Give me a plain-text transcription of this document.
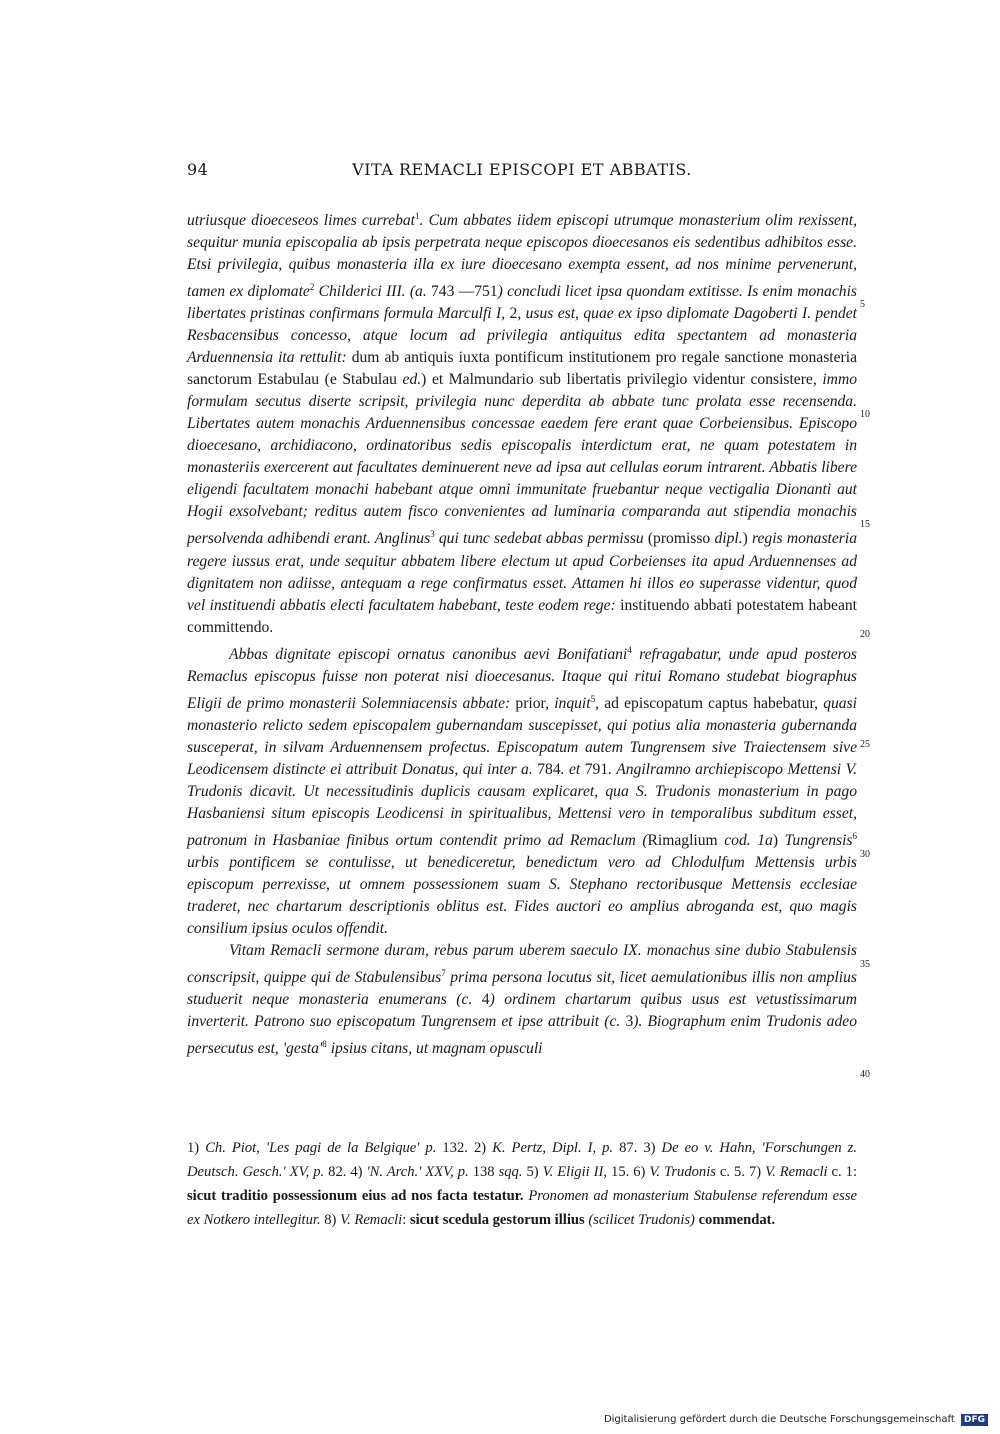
94	VITA REMACLI EPISCOPI ET ABBATIS.

utriusque dioeceseos limes currebat$^1$. Cum abbates iidem episcopi utrumque monasterium olim rexissent, sequitur munia episcopalia ab ipsis perpetrata neque episcopos dioecesanos eis sedentibus adhibitos esse. Etsi privilegia, quibus monasteria illa ex iure dioecesano exempta essent, ad nos minime pervenerunt, tamen ex diplomate$^2$ Childerici III. (a. 743 —751) concludi licet ipsa quondam extitisse. Is enim monachis libertates pristinas confirmans formula Marculfi I, 2, usus est, quae ex ipso diplomate Dagoberti I. pendet Resbacensibus concesso, atque locum ad privilegia antiquitus edita spectantem ad monasteria Arduennensia ita rettulit: dum ab antiquis iuxta pontificum institutionem pro regale sanctione monasteria sanctorum Estabulau (e Stabulau ed.) et Malmundario sub libertatis privilegio videntur consistere, immo formulam secutus diserte scripsit, privilegia nunc deperdita ab abbate tunc prolata esse recensenda. Libertates autem monachis Arduennensibus concessae eaedem fere erant quae Corbeiensibus. Episcopo dioecesano, archidiacono, ordinatoribus sedis episcopalis interdictum erat, ne quam potestatem in monasteriis exercerent aut facultates deminuerent neve ad ipsa aut cellulas eorum intrarent. Abbatis libere eligendi facultatem monachi habebant atque omni immunitate fruebantur neque vectigalia Dionanti aut Hogii exsolvebant; reditus autem fisco convenientes ad luminaria comparanda aut stipendia monachis persolvenda adhibendi erant. Anglinus$^3$ qui tunc sedebat abbas permissu (promisso dipl.) regis monasteria regere iussus erat, unde sequitur abbatem libere electum ut apud Corbeienses ita apud Arduennenses ad dignitatem non adiisse, antequam a rege confirmatus esset. Attamen hi illos eo superasse videntur, quod vel instituendi abbatis electi facultatem habebant, teste eodem rege: instituendo abbati potestatem habeant committendo.

Abbas dignitate episcopi ornatus canonibus aevi Bonifatiani$^4$ refragabatur, unde apud posteros Remaclus episcopus fuisse non poterat nisi dioecesanus. Itaque qui ritui Romano studebat biographus Eligii de primo monasterii Solemniacensis abbate: prior, inquit$^5$, ad episcopatum captus habebatur, quasi monasterio relicto sedem episcopalem gubernandam suscepisset, qui potius alia monasteria gubernanda susceperat, in silvam Arduennensem profectus. Episcopatum autem Tungrensem sive Traiectensem sive Leodicensem distincte ei attribuit Donatus, qui inter a. 784. et 791. Angilramno archiepiscopo Mettensi V. Trudonis dicavit. Ut necessitudinis duplicis causam explicaret, qua S. Trudonis monasterium in pago Hasbaniensi situm episcopis Leodicensi in spiritualibus, Mettensi vero in temporalibus subditum esset, patronum in Hasbaniae finibus ortum contendit primo ad Remaclum (Rimaglium cod. 1a) Tungrensis$^6$ urbis pontificem se contulisse, ut benediceretur, benedictum vero ad Chlodulfum Mettensis urbis episcopum perrexisse, ut omnem possessionem suam S. Stephano rectoribusque Mettensis ecclesiae traderet, nec chartarum descriptionis oblitus est. Fides auctori eo amplius abroganda est, quo magis consilium ipsius oculos offendit.

Vitam Remacli sermone duram, rebus parum uberem saeculo IX. monachus sine dubio Stabulensis conscripsit, quippe qui de Stabulensibus$^7$ prima persona locutus sit, licet aemulationibus illis non amplius studuerit neque monasteria enumerans (c. 4) ordinem chartarum quibus usus est vetustissimarum inverterit. Patrono suo episcopatum Tungrensem et ipse attribuit (c. 3). Biographum enim Trudonis adeo persecutus est, '$gesta'^8$ ipsius citans, ut magnam opusculi

5
10
15
20
25
30
35
40
1) Ch. Piot, 'Les pagi de la Belgique' p. 132. 2) K. Pertz, Dipl. I, p. 87. 3) De eo v. Hahn, 'Forschungen z. Deutsch. Gesch.' XV, p. 82. 4) 'N. Arch.' XXV, p. 138 sqq. 5) V. Eligii II, 15. 6) V. Trudonis c. 5. 7) V. Remacli c. 1: sicut traditio possessionum eius ad nos facta testatur. Pronomen ad monasterium Stabulense referendum esse ex Notkero intellegitur. 8) V. Remacli: sicut scedula gestorum illius (scilicet Trudonis) commendat.
Digitalisierung gefördert durch die Deutsche Forschungsgemeinschaft DFG
